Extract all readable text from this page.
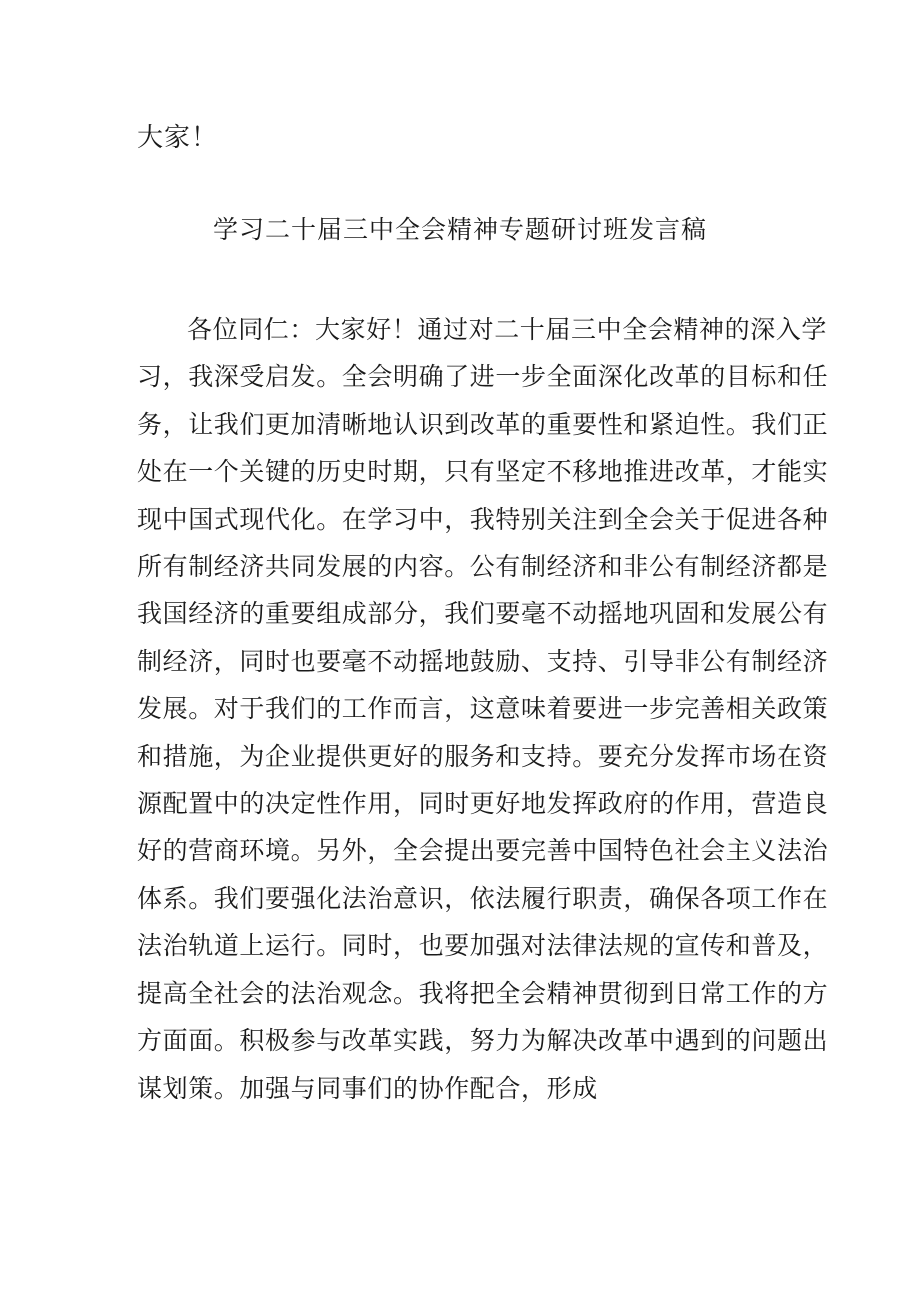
大家！

学习二十届三中全会精神专题研讨班发言稿
各位同仁：大家好！通过对二十届三中全会精神的深入学
习，我深受启发。全会明确了进一步全面深化改革的目标和任
务，让我们更加清晰地认识到改革的重要性和紧迫性。我们正
处在一个关键的历史时期，只有坚定不移地推进改革，才能实
现中国式现代化。在学习中，我特别关注到全会关于促进各种
所有制经济共同发展的内容。公有制经济和非公有制经济都是
我国经济的重要组成部分，我们要毫不动摇地巩固和发展公有
制经济，同时也要毫不动摇地鼓励、支持、引导非公有制经济
发展。对于我们的工作而言，这意味着要进一步完善相关政策
和措施，为企业提供更好的服务和支持。要充分发挥市场在资
源配置中的决定性作用，同时更好地发挥政府的作用，营造良
好的营商环境。另外，全会提出要完善中国特色社会主义法治
体系。我们要强化法治意识，依法履行职责，确保各项工作在
法治轨道上运行。同时，也要加强对法律法规的宣传和普及，
提高全社会的法治观念。我将把全会精神贯彻到日常工作的方
方面面。积极参与改革实践，努力为解决改革中遇到的问题出
谋划策。加强与同事们的协作配合，形成
